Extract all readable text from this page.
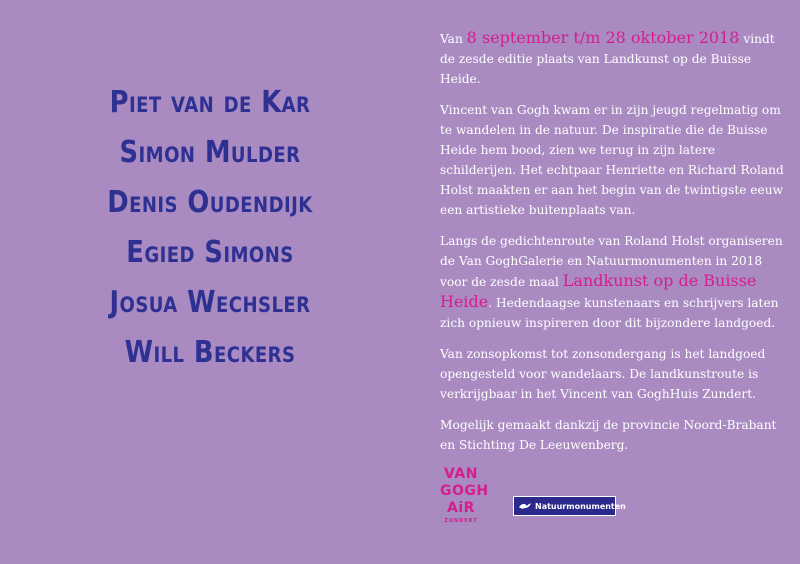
Piet van de Kar
Simon Mulder
Denis Oudendijk
Egied Simons
Josua Wechsler
Will Beckers

Van 8 september t/m 28 oktober 2018 vindt de zesde editie plaats van Landkunst op de Buisse Heide.

Vincent van Gogh kwam er in zijn jeugd regelmatig om te wandelen in de natuur. De inspiratie die de Buisse Heide hem bood, zien we terug in zijn latere schilderijen. Het echtpaar Henriette en Richard Roland Holst maakten er aan het begin van de twintigste eeuw een artistieke buitenplaats van.

Langs de gedichtenroute van Roland Holst organiseren de Van GoghGalerie en Natuurmonumenten in 2018 voor de zesde maal Landkunst op de Buisse Heide. Hedendaagse kunstenaars en schrijvers laten zich opnieuw inspireren door dit bijzondere landgoed.

Van zonsopkomst tot zonsondergang is het landgoed opengesteld voor wandelaars. De landkunstroute is verkrijgbaar in het Vincent van GoghHuis Zundert.

Mogelijk gemaakt dankzij de provincie Noord-Brabant en Stichting De Leeuwenberg.

VAN
GOGH
AiR
ZUNDERT
Natuurmonumenten
